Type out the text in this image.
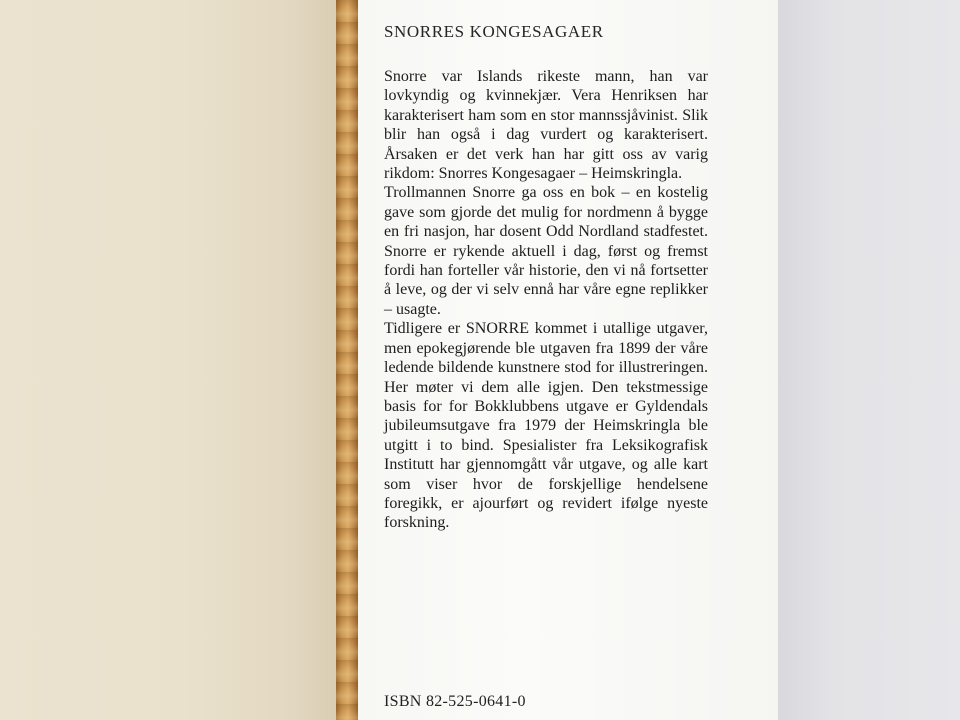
SNORRES KONGESAGAER

Snorre var Islands rikeste mann, han var lovkyndig og kvinnekjær. Vera Henriksen har karakterisert ham som en stor mannssjåvinist. Slik blir han også i dag vurdert og karakterisert. Årsaken er det verk han har gitt oss av varig rikdom: Snorres Kongesagaer – Heimskringla.

Trollmannen Snorre ga oss en bok – en kostelig gave som gjorde det mulig for nordmenn å bygge en fri nasjon, har dosent Odd Nordland stadfestet. Snorre er rykende aktuell i dag, først og fremst fordi han forteller vår historie, den vi nå fortsetter å leve, og der vi selv ennå har våre egne replikker – usagte.

Tidligere er SNORRE kommet i utallige utgaver, men epokegjørende ble utgaven fra 1899 der våre ledende bildende kunstnere stod for illustreringen. Her møter vi dem alle igjen. Den tekstmessige basis for for Bokklubbens utgave er Gyldendals jubileumsutgave fra 1979 der Heimskringla ble utgitt i to bind. Spesialister fra Leksikografisk Institutt har gjennomgått vår utgave, og alle kart som viser hvor de forskjellige hendelsene foregikk, er ajourført og revidert ifølge nyeste forskning.

ISBN 82-525-0641-0
